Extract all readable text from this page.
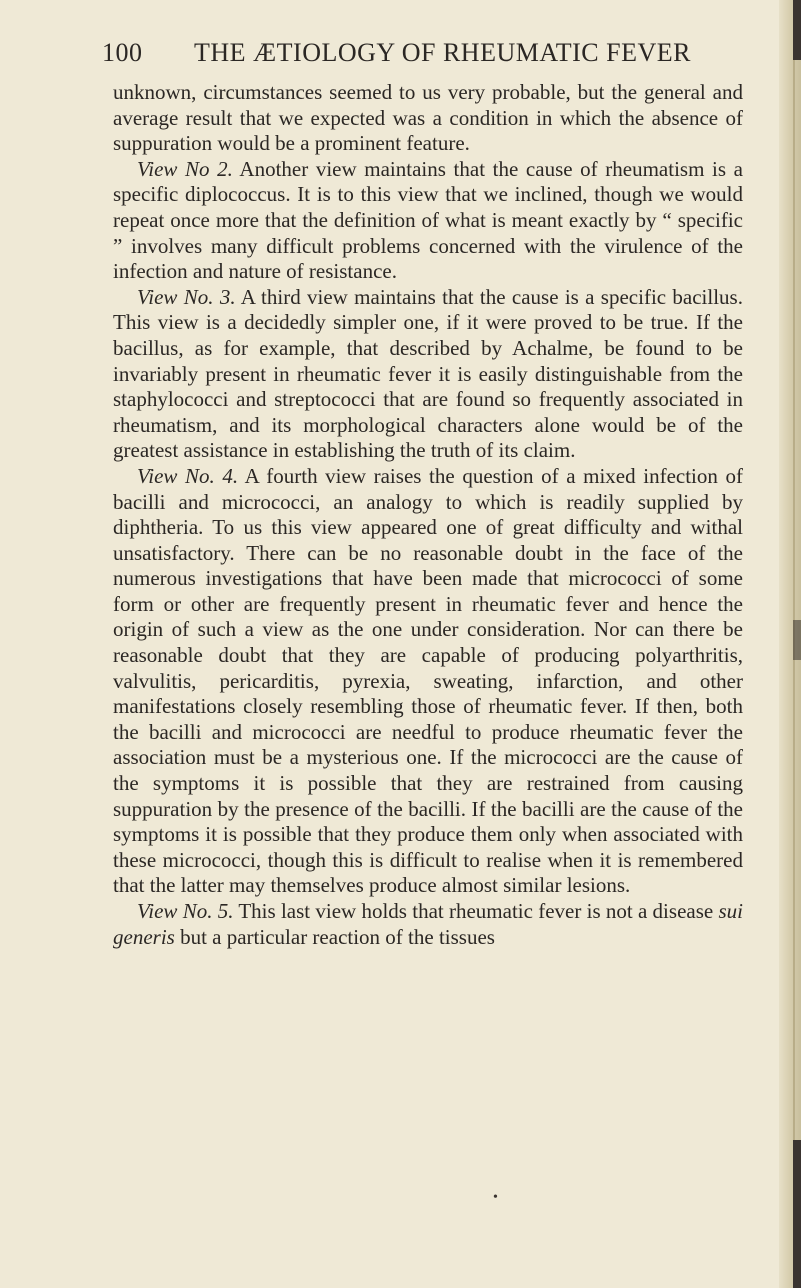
100 THE ÆTIOLOGY OF RHEUMATIC FEVER

unknown, circumstances seemed to us very probable, but the general and average result that we expected was a condition in which the absence of suppuration would be a prominent feature.

View No 2. Another view maintains that the cause of rheumatism is a specific diplococcus. It is to this view that we inclined, though we would repeat once more that the definition of what is meant exactly by “ specific ” involves many difficult problems concerned with the virulence of the infection and nature of resistance.

View No. 3. A third view maintains that the cause is a specific bacillus. This view is a decidedly simpler one, if it were proved to be true. If the bacillus, as for example, that described by Achalme, be found to be invariably present in rheumatic fever it is easily distinguishable from the staphylococci and streptococci that are found so frequently associated in rheumatism, and its morphological characters alone would be of the greatest assistance in establishing the truth of its claim.

View No. 4. A fourth view raises the question of a mixed infection of bacilli and micrococci, an analogy to which is readily supplied by diphtheria. To us this view appeared one of great difficulty and withal unsatisfactory. There can be no reasonable doubt in the face of the numerous investigations that have been made that micrococci of some form or other are frequently present in rheumatic fever and hence the origin of such a view as the one under consideration. Nor can there be reasonable doubt that they are capable of producing polyarthritis, valvulitis, pericarditis, pyrexia, sweating, infarction, and other manifestations closely resembling those of rheumatic fever. If then, both the bacilli and micrococci are needful to produce rheumatic fever the association must be a mysterious one. If the micrococci are the cause of the symptoms it is possible that they are restrained from causing suppuration by the presence of the bacilli. If the bacilli are the cause of the symptoms it is possible that they produce them only when associated with these micrococci, though this is difficult to realise when it is remembered that the latter may themselves produce almost similar lesions.

View No. 5. This last view holds that rheumatic fever is not a disease sui generis but a particular reaction of the tissues

•
